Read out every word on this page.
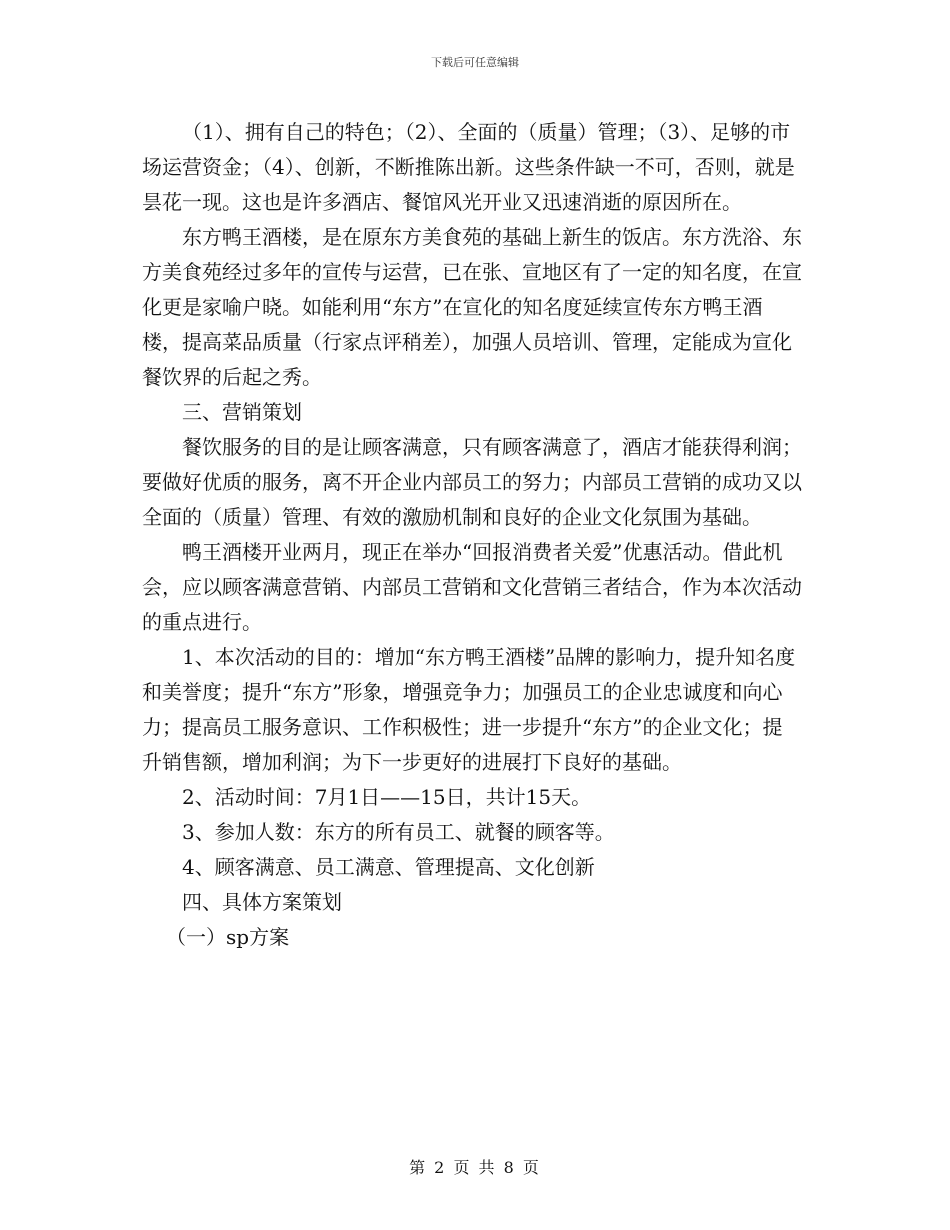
下载后可任意编辑

（1）、拥有自己的特色；（2）、全面的（质量）管理；（3）、足够的市场运营资金；（4）、创新，不断推陈出新。这些条件缺一不可，否则，就是昙花一现。这也是许多酒店、餐馆风光开业又迅速消逝的原因所在。

东方鸭王酒楼，是在原东方美食苑的基础上新生的饭店。东方洗浴、东方美食苑经过多年的宣传与运营，已在张、宣地区有了一定的知名度，在宣化更是家喻户晓。如能利用“东方”在宣化的知名度延续宣传东方鸭王酒楼，提高菜品质量（行家点评稍差），加强人员培训、管理，定能成为宣化餐饮界的后起之秀。

三、营销策划

餐饮服务的目的是让顾客满意，只有顾客满意了，酒店才能获得利润；要做好优质的服务，离不开企业内部员工的努力；内部员工营销的成功又以全面的（质量）管理、有效的激励机制和良好的企业文化氛围为基础。

鸭王酒楼开业两月，现正在举办“回报消费者关爱”优惠活动。借此机会，应以顾客满意营销、内部员工营销和文化营销三者结合，作为本次活动的重点进行。

1、本次活动的目的：增加“东方鸭王酒楼”品牌的影响力，提升知名度和美誉度；提升“东方”形象，增强竞争力；加强员工的企业忠诚度和向心力；提高员工服务意识、工作积极性；进一步提升“东方”的企业文化；提升销售额，增加利润；为下一步更好的进展打下良好的基础。

2、活动时间：7月1日——15日，共计15天。

3、参加人数：东方的所有员工、就餐的顾客等。

4、顾客满意、员工满意、管理提高、文化创新

四、具体方案策划

（一）sp方案

第 2 页 共 8 页
